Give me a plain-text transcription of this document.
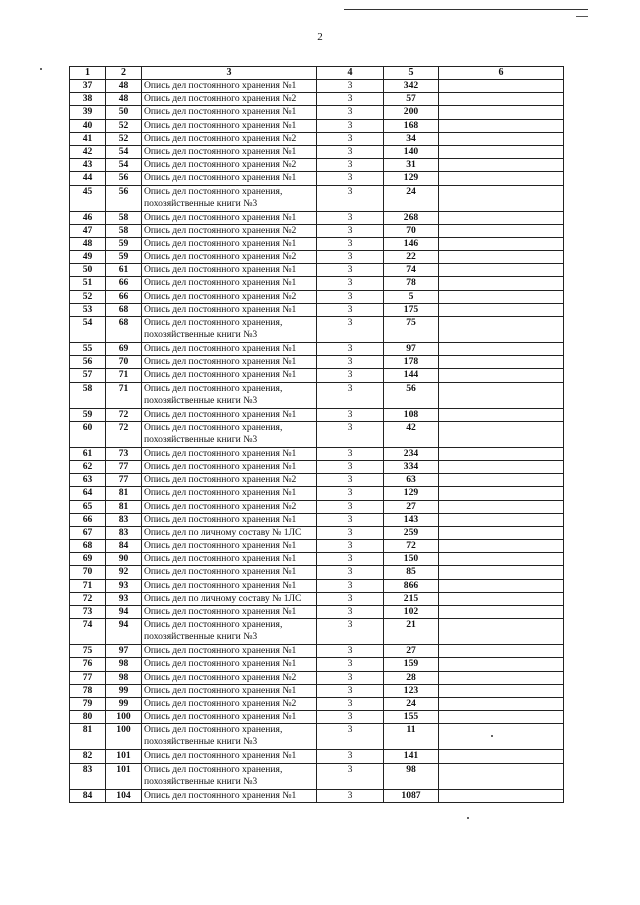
2
1	2	3	4	5	6
37	48	Опись дел постоянного хранения №1	3	342	
38	48	Опись дел постоянного хранения №2	3	57	
39	50	Опись дел постоянного хранения №1	3	200	
40	52	Опись дел постоянного хранения №1	3	168	
41	52	Опись дел постоянного хранения №2	3	34	
42	54	Опись дел постоянного хранения №1	3	140	
43	54	Опись дел постоянного хранения №2	3	31	
44	56	Опись дел постоянного хранения №1	3	129	
45	56	Опись дел постоянного хранения,
похозяйственные книги №3	3	24	
46	58	Опись дел постоянного хранения №1	3	268	
47	58	Опись дел постоянного хранения №2	3	70	
48	59	Опись дел постоянного хранения №1	3	146	
49	59	Опись дел постоянного хранения №2	3	22	
50	61	Опись дел постоянного хранения №1	3	74	
51	66	Опись дел постоянного хранения №1	3	78	
52	66	Опись дел постоянного хранения №2	3	5	
53	68	Опись дел постоянного хранения №1	3	175	
54	68	Опись дел постоянного хранения,
похозяйственные книги №3	3	75	
55	69	Опись дел постоянного хранения №1	3	97	
56	70	Опись дел постоянного хранения №1	3	178	
57	71	Опись дел постоянного хранения №1	3	144	
58	71	Опись дел постоянного хранения,
похозяйственные книги №3	3	56	
59	72	Опись дел постоянного хранения №1	3	108	
60	72	Опись дел постоянного хранения,
похозяйственные книги №3	3	42	
61	73	Опись дел постоянного хранения №1	3	234	
62	77	Опись дел постоянного хранения №1	3	334	
63	77	Опись дел постоянного хранения №2	3	63	
64	81	Опись дел постоянного хранения №1	3	129	
65	81	Опись дел постоянного хранения №2	3	27	
66	83	Опись дел постоянного хранения №1	3	143	
67	83	Опись дел по личному составу № 1ЛС	3	259	
68	84	Опись дел постоянного хранения №1	3	72	
69	90	Опись дел постоянного хранения №1	3	150	
70	92	Опись дел постоянного хранения №1	3	85	
71	93	Опись дел постоянного хранения №1	3	866	
72	93	Опись дел по личному составу № 1ЛС	3	215	
73	94	Опись дел постоянного хранения №1	3	102	
74	94	Опись дел постоянного хранения,
похозяйственные книги №3	3	21	
75	97	Опись дел постоянного хранения №1	3	27	
76	98	Опись дел постоянного хранения №1	3	159	
77	98	Опись дел постоянного хранения №2	3	28	
78	99	Опись дел постоянного хранения №1	3	123	
79	99	Опись дел постоянного хранения №2	3	24	
80	100	Опись дел постоянного хранения №1	3	155	
81	100	Опись дел постоянного хранения,
похозяйственные книги №3	3	11	
82	101	Опись дел постоянного хранения №1	3	141	
83	101	Опись дел постоянного хранения,
похозяйственные книги №3	3	98	
84	104	Опись дел постоянного хранения №1	3	1087	
